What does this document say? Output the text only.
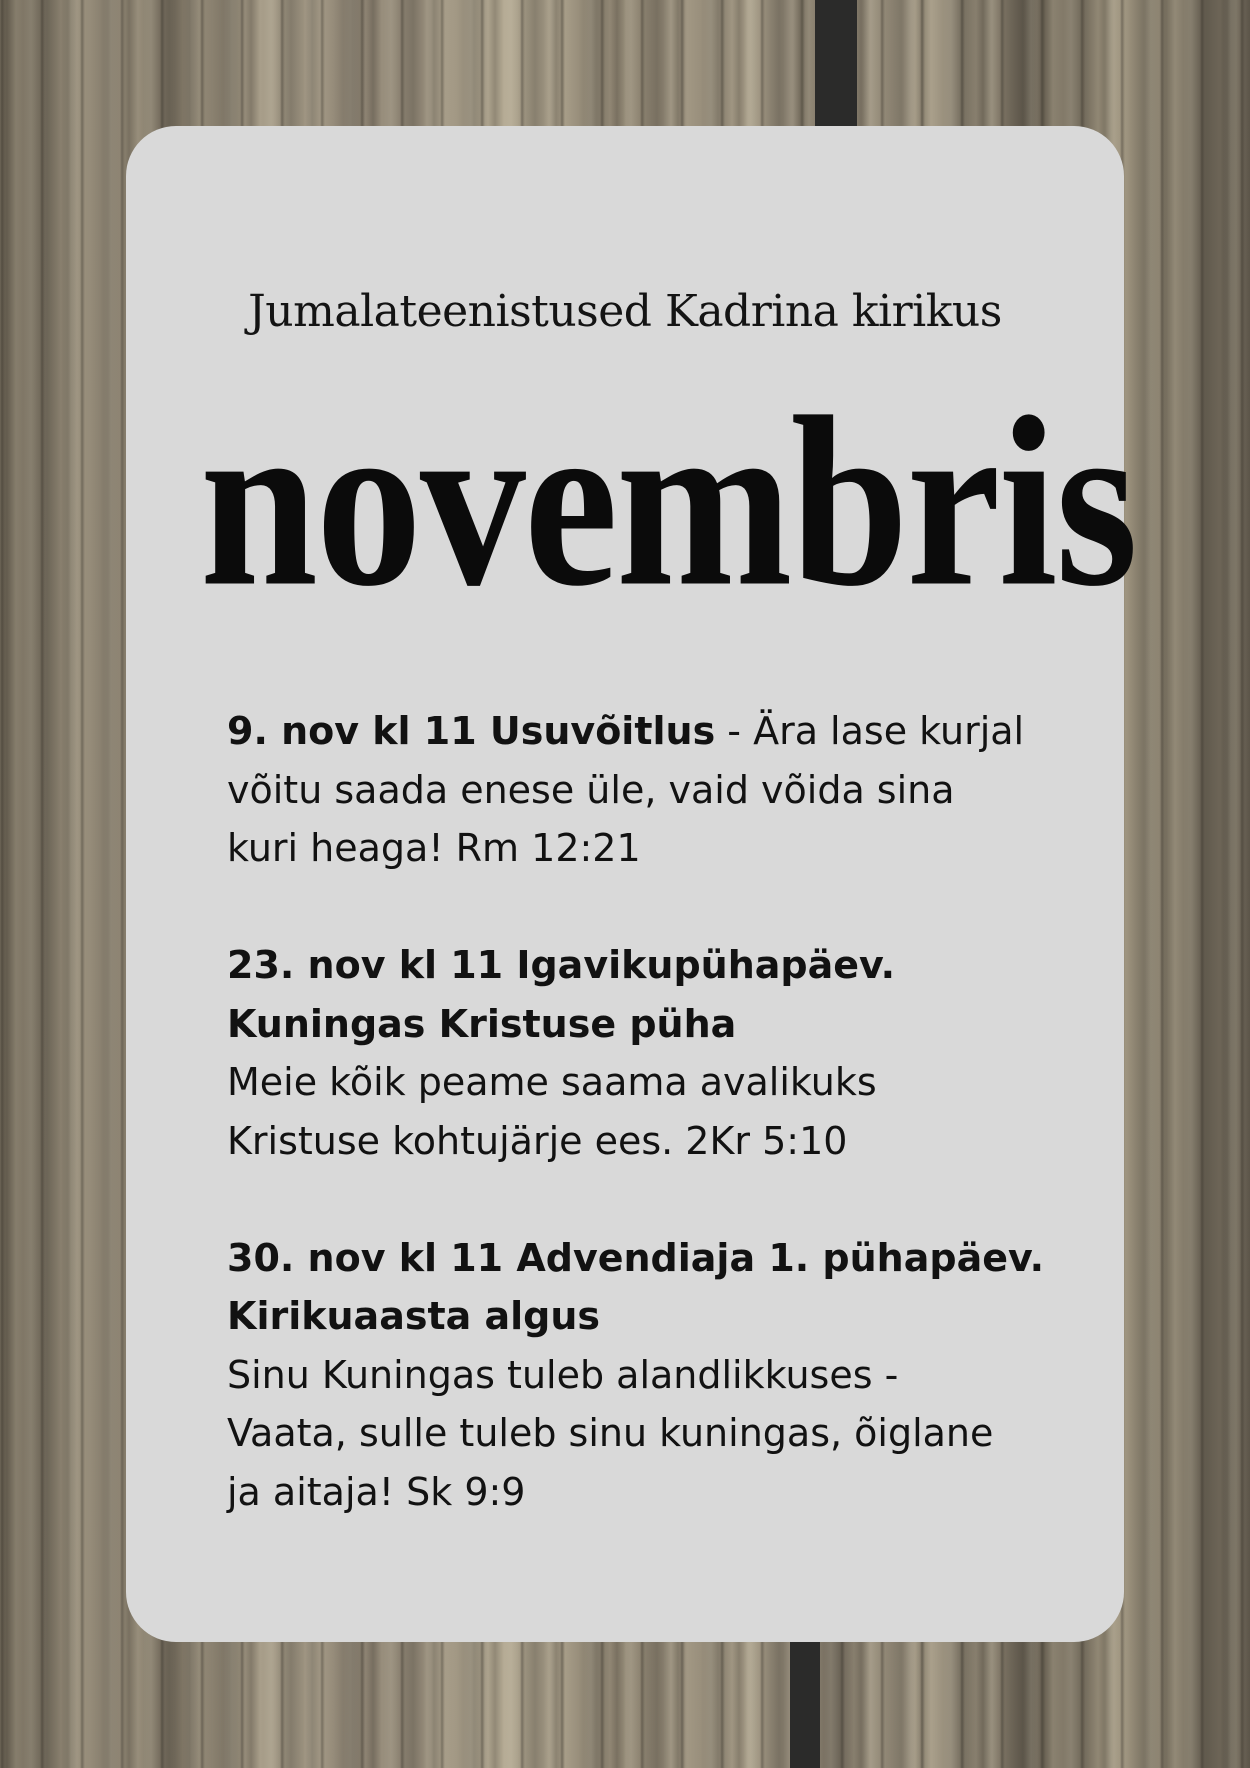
Jumalateenistused Kadrina kirikus
novembris
9. nov kl 11 Usuvõitlus - Ära lase kurjal
võitu saada enese üle, vaid võida sina
kuri heaga! Rm 12:21
23. nov kl 11 Igavikupühapäev.
Kuningas Kristuse püha
Meie kõik peame saama avalikuks
Kristuse kohtujärje ees. 2Kr 5:10
30. nov kl 11 Advendiaja 1. pühapäev.
Kirikuaasta algus
Sinu Kuningas tuleb alandlikkuses -
Vaata, sulle tuleb sinu kuningas, õiglane
ja aitaja! Sk 9:9
